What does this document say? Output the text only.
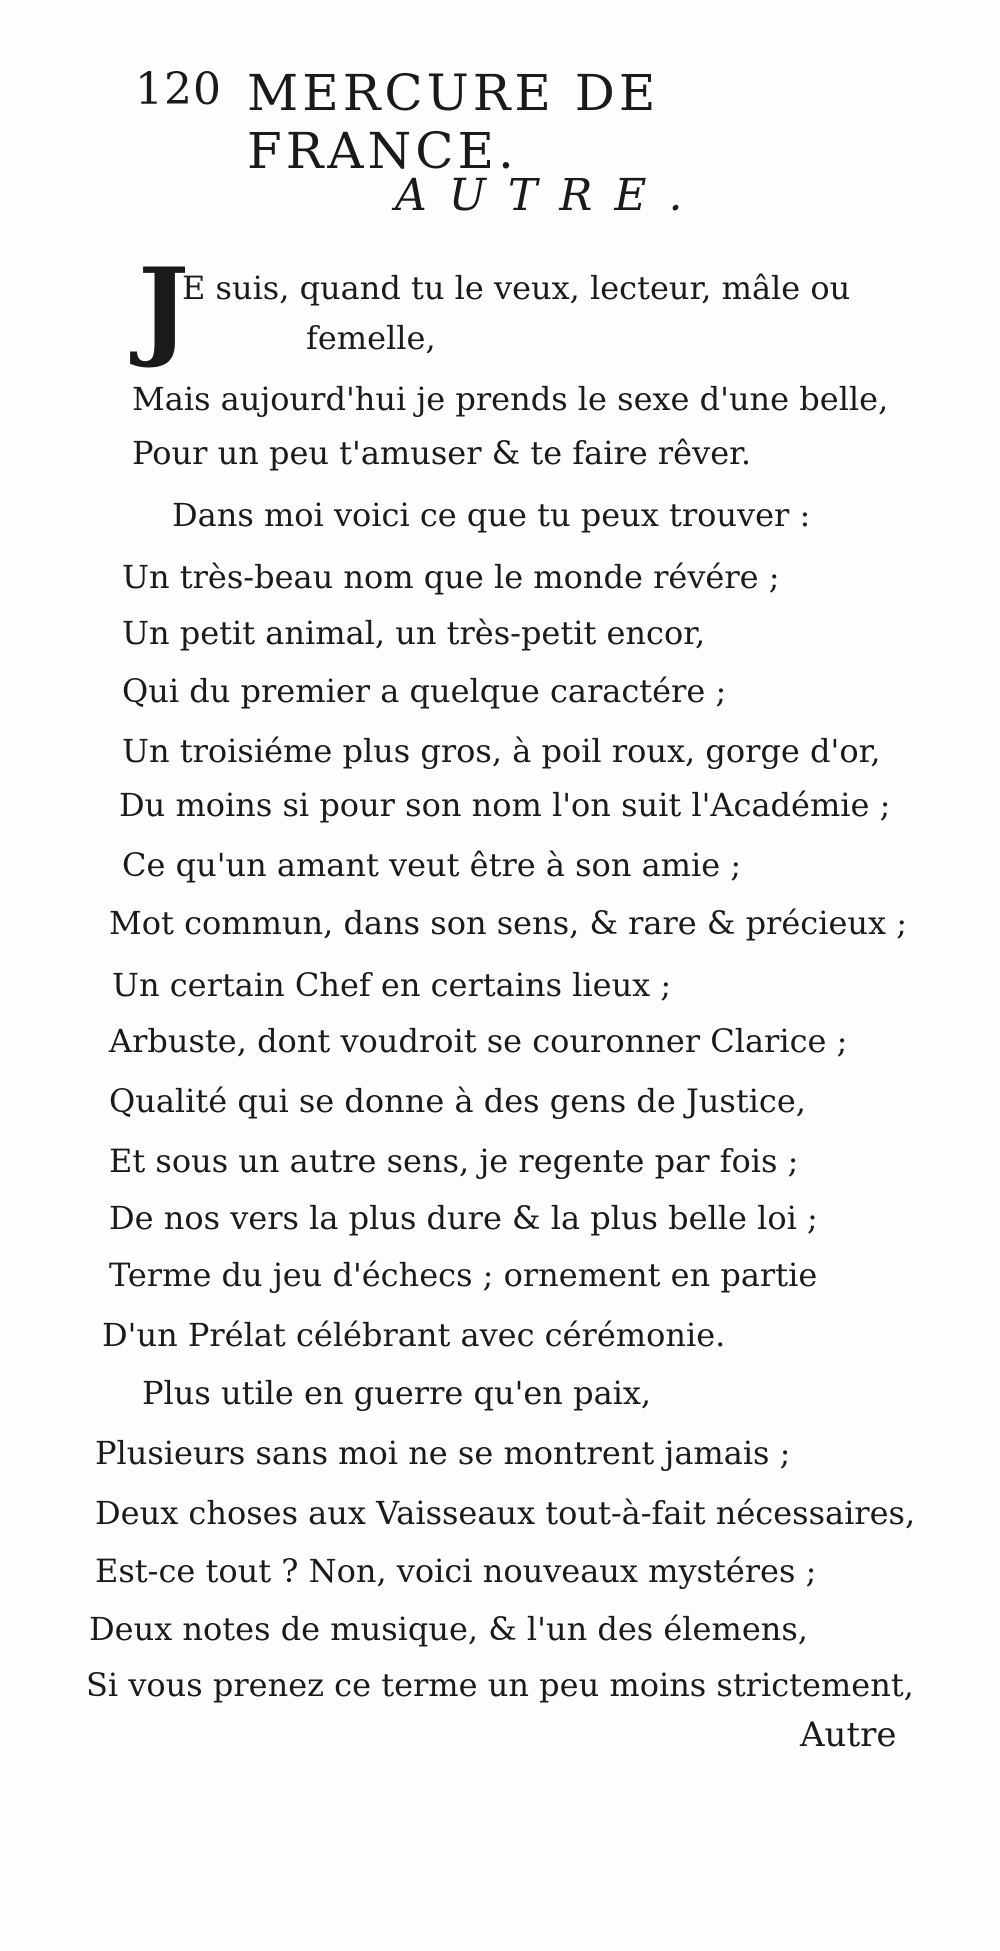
120 MERCURE DE FRANCE.
AUTRE.
J
E suis, quand tu le veux, lecteur, mâle ou
femelle,
Mais aujourd'hui je prends le sexe d'une belle,
Pour un peu t'amuser & te faire rêver.
Dans moi voici ce que tu peux trouver :
Un très-beau nom que le monde révére ;
Un petit animal, un très-petit encor,
Qui du premier a quelque caractére ;
Un troisiéme plus gros, à poil roux, gorge d'or,
Du moins si pour son nom l'on suit l'Académie ;
Ce qu'un amant veut être à son amie ;
Mot commun, dans son sens, & rare & précieux ;
Un certain Chef en certains lieux ;
Arbuste, dont voudroit se couronner Clarice ;
Qualité qui se donne à des gens de Justice,
Et sous un autre sens, je regente par fois ;
De nos vers la plus dure & la plus belle loi ;
Terme du jeu d'échecs ; ornement en partie
D'un Prélat célébrant avec cérémonie.
Plus utile en guerre qu'en paix,
Plusieurs sans moi ne se montrent jamais ;
Deux choses aux Vaisseaux tout-à-fait nécessaires,
Est-ce tout ? Non, voici nouveaux mystéres ;
Deux notes de musique, & l'un des élemens,
Si vous prenez ce terme un peu moins strictement,
Autre
